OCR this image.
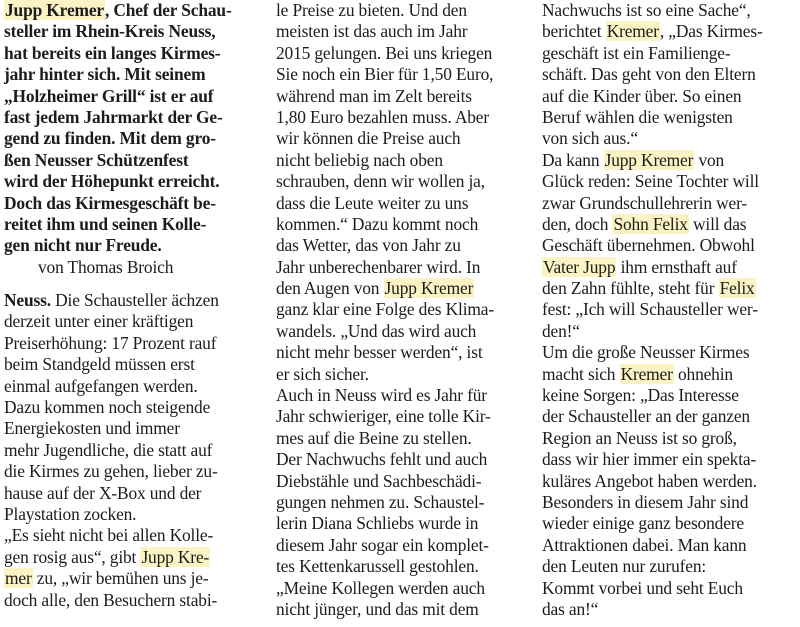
Jupp Kremer, Chef der Schau-
steller im Rhein-Kreis Neuss,
hat bereits ein langes Kirmes-
jahr hinter sich. Mit seinem
„Holzheimer Grill“ ist er auf
fast jedem Jahrmarkt der Ge-
gend zu finden. Mit dem gro-
ßen Neusser Schützenfest
wird der Höhepunkt erreicht.
Doch das Kirmesgeschäft be-
reitet ihm und seinen Kolle-
gen nicht nur Freude.
von Thomas Broich
Neuss. Die Schausteller ächzen
derzeit unter einer kräftigen
Preiserhöhung: 17 Prozent rauf
beim Standgeld müssen erst
einmal aufgefangen werden.
Dazu kommen noch steigende
Energiekosten und immer
mehr Jugendliche, die statt auf
die Kirmes zu gehen, lieber zu-
hause auf der X-Box und der
Playstation zocken.
„Es sieht nicht bei allen Kolle-
gen rosig aus“, gibt Jupp Kre-
mer zu, „wir bemühen uns je-
doch alle, den Besuchern stabi-
le Preise zu bieten. Und den
meisten ist das auch im Jahr
2015 gelungen. Bei uns kriegen
Sie noch ein Bier für 1,50 Euro,
während man im Zelt bereits
1,80 Euro bezahlen muss. Aber
wir können die Preise auch
nicht beliebig nach oben
schrauben, denn wir wollen ja,
dass die Leute weiter zu uns
kommen.“ Dazu kommt noch
das Wetter, das von Jahr zu
Jahr unberechenbarer wird. In
den Augen von Jupp Kremer
ganz klar eine Folge des Klima-
wandels. „Und das wird auch
nicht mehr besser werden“, ist
er sich sicher.
Auch in Neuss wird es Jahr für
Jahr schwieriger, eine tolle Kir-
mes auf die Beine zu stellen.
Der Nachwuchs fehlt und auch
Diebstähle und Sachbeschädi-
gungen nehmen zu. Schaustel-
lerin Diana Schliebs wurde in
diesem Jahr sogar ein komplet-
tes Kettenkarussell gestohlen.
„Meine Kollegen werden auch
nicht jünger, und das mit dem
Nachwuchs ist so eine Sache“,
berichtet Kremer, „Das Kirmes-
geschäft ist ein Familienge-
schäft. Das geht von den Eltern
auf die Kinder über. So einen
Beruf wählen die wenigsten
von sich aus.“
Da kann Jupp Kremer von
Glück reden: Seine Tochter will
zwar Grundschullehrerin wer-
den, doch Sohn Felix will das
Geschäft übernehmen. Obwohl
Vater Jupp ihm ernsthaft auf
den Zahn fühlte, steht für Felix
fest: „Ich will Schausteller wer-
den!“
Um die große Neusser Kirmes
macht sich Kremer ohnehin
keine Sorgen: „Das Interesse
der Schausteller an der ganzen
Region an Neuss ist so groß,
dass wir hier immer ein spekta-
kuläres Angebot haben werden.
Besonders in diesem Jahr sind
wieder einige ganz besondere
Attraktionen dabei. Man kann
den Leuten nur zurufen:
Kommt vorbei und seht Euch
das an!“
